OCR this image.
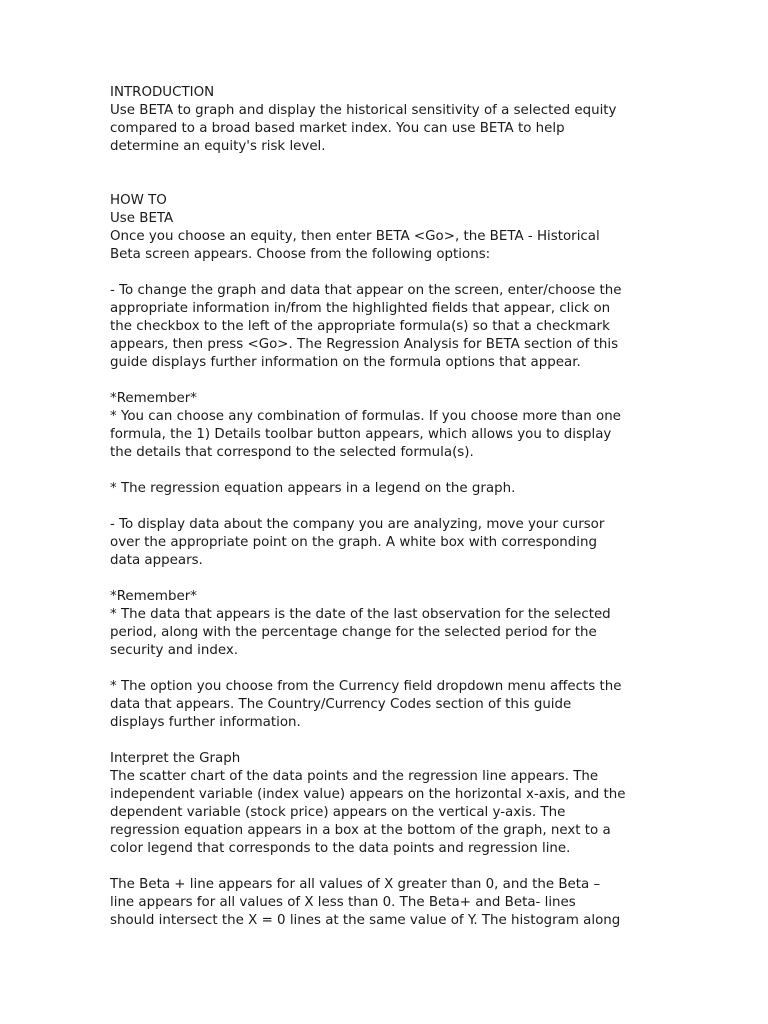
INTRODUCTION

Use BETA to graph and display the historical sensitivity of a selected equity
compared to a broad based market index. You can use BETA to help
determine an equity's risk level.

HOW TO

Use BETA

Once you choose an equity, then enter BETA <Go>, the BETA - Historical
Beta screen appears. Choose from the following options:

- To change the graph and data that appear on the screen, enter/choose the
appropriate information in/from the highlighted fields that appear, click on
the checkbox to the left of the appropriate formula(s) so that a checkmark
appears, then press <Go>. The Regression Analysis for BETA section of this
guide displays further information on the formula options that appear.

*Remember*

* You can choose any combination of formulas. If you choose more than one
formula, the 1) Details toolbar button appears, which allows you to display
the details that correspond to the selected formula(s).

* The regression equation appears in a legend on the graph.

- To display data about the company you are analyzing, move your cursor
over the appropriate point on the graph. A white box with corresponding
data appears.

*Remember*

* The data that appears is the date of the last observation for the selected
period, along with the percentage change for the selected period for the
security and index.

* The option you choose from the Currency field dropdown menu affects the
data that appears. The Country/Currency Codes section of this guide
displays further information.

Interpret the Graph

The scatter chart of the data points and the regression line appears. The
independent variable (index value) appears on the horizontal x-axis, and the
dependent variable (stock price) appears on the vertical y-axis. The
regression equation appears in a box at the bottom of the graph, next to a
color legend that corresponds to the data points and regression line.

The Beta + line appears for all values of X greater than 0, and the Beta –
line appears for all values of X less than 0. The Beta+ and Beta- lines
should intersect the X = 0 lines at the same value of Y. The histogram along
